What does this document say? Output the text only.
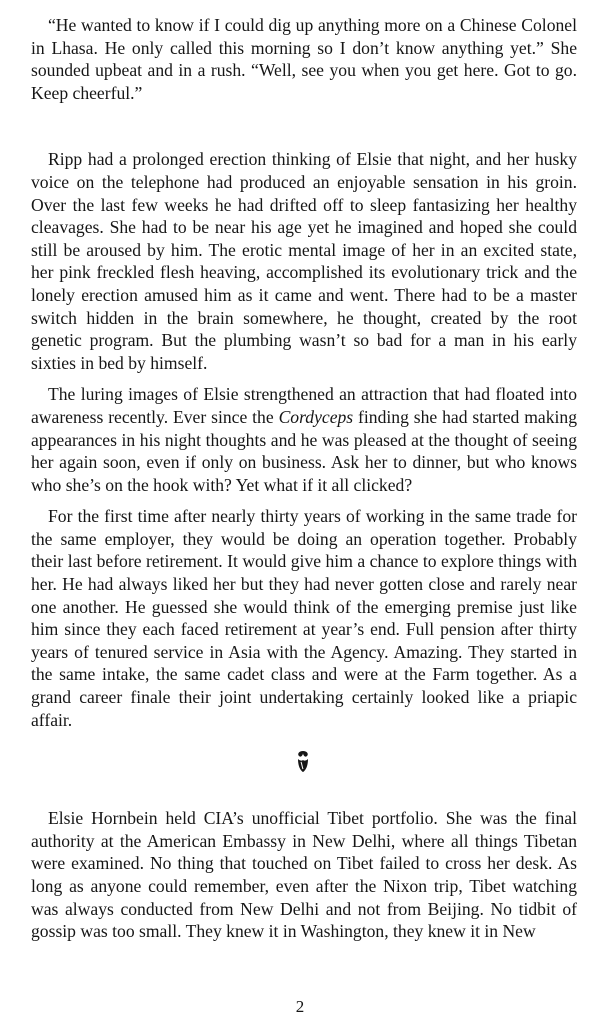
“He wanted to know if I could dig up anything more on a Chinese Colonel in Lhasa. He only called this morning so I don’t know anything yet.” She sounded upbeat and in a rush. “Well, see you when you get here. Got to go. Keep cheerful.”

Ripp had a prolonged erection thinking of Elsie that night, and her husky voice on the telephone had produced an enjoyable sensation in his groin. Over the last few weeks he had drifted off to sleep fantasizing her healthy cleavages. She had to be near his age yet he imagined and hoped she could still be aroused by him. The erotic mental image of her in an excited state, her pink freckled flesh heaving, accomplished its evolutionary trick and the lonely erection amused him as it came and went. There had to be a master switch hidden in the brain somewhere, he thought, created by the root genetic program. But the plumbing wasn’t so bad for a man in his early sixties in bed by himself.

The luring images of Elsie strengthened an attraction that had floated into awareness recently. Ever since the Cordyceps finding she had started making appearances in his night thoughts and he was pleased at the thought of seeing her again soon, even if only on business. Ask her to dinner, but who knows who she’s on the hook with? Yet what if it all clicked?

For the first time after nearly thirty years of working in the same trade for the same employer, they would be doing an operation together. Probably their last before retirement. It would give him a chance to explore things with her. He had always liked her but they had never gotten close and rarely near one another. He guessed she would think of the emerging premise just like him since they each faced retirement at year’s end. Full pension after thirty years of tenured service in Asia with the Agency. Amazing. They started in the same intake, the same cadet class and were at the Farm together. As a grand career finale their joint undertaking certainly looked like a priapic affair.

Elsie Hornbein held CIA’s unofficial Tibet portfolio. She was the final authority at the American Embassy in New Delhi, where all things Tibetan were examined. No thing that touched on Tibet failed to cross her desk. As long as anyone could remember, even after the Nixon trip, Tibet watching was always conducted from New Delhi and not from Beijing. No tidbit of gossip was too small. They knew it in Washington, they knew it in New

2
